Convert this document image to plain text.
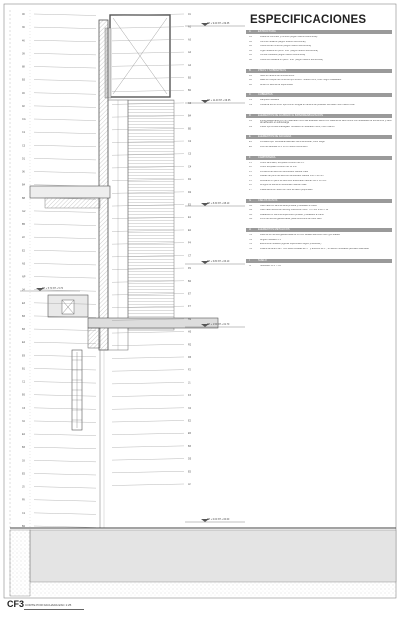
NP + 9.20 NT + 09.35
NP + 11.40 NT + 09.35
NP + 8.30 NT + 08.10
NP + 6.80 NT + 06.10
NP + 5.70 NT + 5.70
NP + 1.50 NT + 01.70
NP + 0.00 NT + 00.00
00
36
46
09
88
B3
46
92
CG
C1
C3
D1
06
B4
B8
G2
B5
22
E2
N3
NP
34
E3
B3
B3
E4
E9
B1
C1
E6
C3
34
E2
B3
03
E5
J5
FK
C1
B2
01
A1
A3
A4
A4
B3
B2
C3
B4
B5
C2
C3
C4
D1
D2
E3
E1
E2
F4
C7
F9
B4
E7
F7
H2
H3
R2
R3
F2
J1
F3
X4
E2
E5
B3
D5
E5
J2
ESPECIFICACIONES
A	ESTRUCTURA
A1	Placa de concreto y bifrene (según diseño estructural)
A2	Cercha metálica (según diseño estructural)
A3	Columna de concreto (según diseño estructural)
A4	Viga metálica en perfil "IPE" (según diseño estructural)
A5	Correa metálica (según diseño estructural)
A6	Columna metálica en perfil "IPE" (según diseño estructural)
B	PISOS Y SOBREPISOS
B1	Nivel en lámina de fibrocemento
B2	Base en bloque de concreto tipo fresco. Huella 15cm, color negro trasladado
B3	Anillo en lámina de superboard
C	CUBIERTAS
C1	Lámpara metálica
C2	Cubierta termo-SISC tipo Domo Scuglia en lámina de poliestel trenzado color blanco RAL
D	ELEMENTOS DE ACABADO E IMPERMEABILIZACIÓN
D1	Impermeabilizante 25 mm realizado como las acabado sellos con cadena de sello sobre con acabadas de techumbre y selló de adhesión en sobrecarga
D2	Panel tipo Acústico/Exagaia. Similares 6h acabado mixto, color blanco
E	ELEMENTOS DE FACHADA
E1	Persiana tipo Venetiana/Naturaliz-Minima/Sisolar, color beige
E2	Pisó de tabletas 30 x 30 cm estilo cementero
F	CARPINTERÍA
F1	Vidrio laminado, templado incoloro de 6 K
F2	Vidrio templado incoloro de 10 mm
F3	Perfilería de aluminio anodizado natural mate
F4	Duelas de perfil de aluminio anodizado natural 150 x 50 mm
F5	Montante en perfil de aluminio anodizado natural 150 x 50 mm
F6	Whipps de aluminio anodizado natural mate
F7	Pasamanos en acero en tubo de alero prepintado
G	CIELOS RASOS
G1	Cielo raso en lámina sana pintada y detallado a mano
G2	Cielo raso lámina Armstrong referencia 'lúcid' YTP-PR 2-48 X 12
G3	Dilatacas en Lámina superboard pintado y detallado a mano
G4	Perfil de lámina galvanizada, para estructura de cielo raso
H	ELEMENTOS METÁLICOS
H1	Flanche en lámina galvanizada de 16 con sellado aluminio color gris leaden
H2	Angulo metálico 0.1
H3	Estructura metálica (figuras superboard según proveedor)
H4	Platina de acero de 7 con determinadas de 5 ° y anuncio de 1°, en acero inoxidable perfilado calibrada
I	SUELO
I1	Subsuelo 50 x 7 cm
CF3 CORTE POR FACHADA ESC 1:25
